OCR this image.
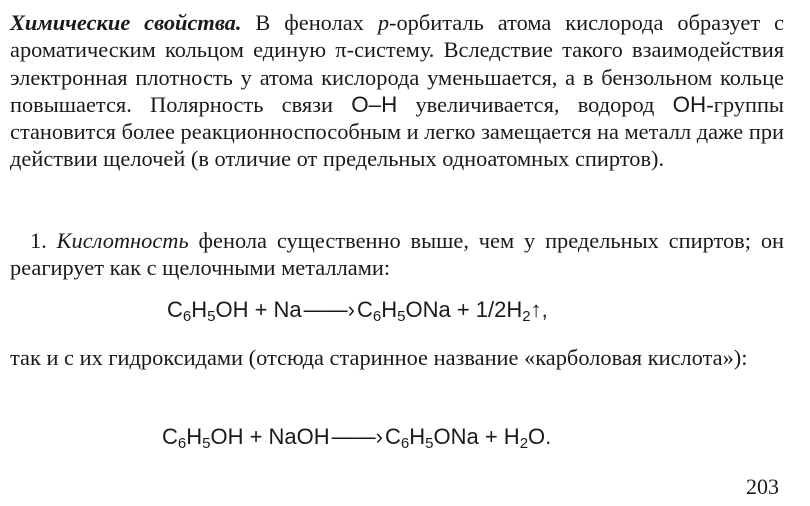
Химические свойства. В фенолах р-орбиталь атома кислорода образует с ароматическим кольцом единую π-систему. Вследствие такого взаимодействия электронная плотность у атома кислорода уменьшается, а в бензольном кольце повышается. Полярность связи О–Н увеличивается, водород ОН-группы становится более реакционноспособным и легко замещается на металл даже при действии щелочей (в отличие от предельных одноатомных спиртов).

1. Кислотность фенола существенно выше, чем у предельных спиртов; он реагирует как с щелочными металлами:

$C_6H_5OH$ + $Na——›C_6H_5ONa$ + $1/2H_2↑$,

так и с их гидроксидами (отсюда старинное название «карболовая кислота»):

$C_6H_5OH$ + $NaOH——›C_6H_5ONa + H_2O$.
203
